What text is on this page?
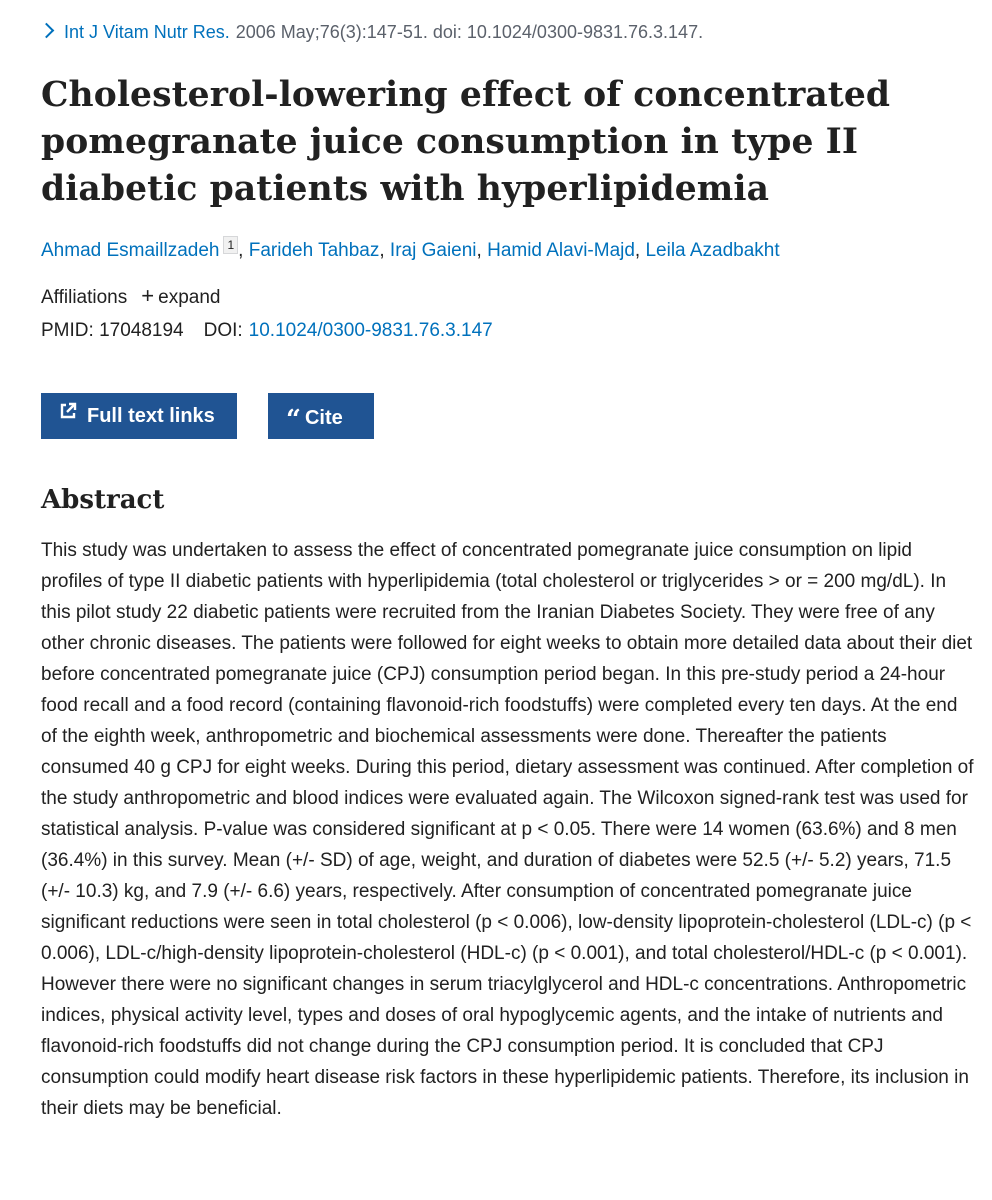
Int J Vitam Nutr Res. 2006 May;76(3):147-51. doi: 10.1024/0300-9831.76.3.147.
Cholesterol-lowering effect of concentrated pomegranate juice consumption in type II diabetic patients with hyperlipidemia
Ahmad Esmaillzadeh 1 , Farideh Tahbaz, Iraj Gaieni, Hamid Alavi-Majd, Leila Azadbakht
Affiliations + expand
PMID: 17048194 DOI: 10.1024/0300-9831.76.3.147
Full text links	“ Cite
Abstract

This study was undertaken to assess the effect of concentrated pomegranate juice consumption on lipid profiles of type II diabetic patients with hyperlipidemia (total cholesterol or triglycerides > or = 200 mg/dL). In this pilot study 22 diabetic patients were recruited from the Iranian Diabetes Society. They were free of any other chronic diseases. The patients were followed for eight weeks to obtain more detailed data about their diet before concentrated pomegranate juice (CPJ) consumption period began. In this pre-study period a 24-hour food recall and a food record (containing flavonoid-rich foodstuffs) were completed every ten days. At the end of the eighth week, anthropometric and biochemical assessments were done. Thereafter the patients consumed 40 g CPJ for eight weeks. During this period, dietary assessment was continued. After completion of the study anthropometric and blood indices were evaluated again. The Wilcoxon signed-rank test was used for statistical analysis. P-value was considered significant at p < 0.05. There were 14 women (63.6%) and 8 men (36.4%) in this survey. Mean (+/- SD) of age, weight, and duration of diabetes were 52.5 (+/- 5.2) years, 71.5 (+/- 10.3) kg, and 7.9 (+/- 6.6) years, respectively. After consumption of concentrated pomegranate juice significant reductions were seen in total cholesterol (p < 0.006), low-density lipoprotein-cholesterol (LDL-c) (p < 0.006), LDL-c/high-density lipoprotein-cholesterol (HDL-c) (p < 0.001), and total cholesterol/HDL-c (p < 0.001). However there were no significant changes in serum triacylglycerol and HDL-c concentrations. Anthropometric indices, physical activity level, types and doses of oral hypoglycemic agents, and the intake of nutrients and flavonoid-rich foodstuffs did not change during the CPJ consumption period. It is concluded that CPJ consumption could modify heart disease risk factors in these hyperlipidemic patients. Therefore, its inclusion in their diets may be beneficial.
